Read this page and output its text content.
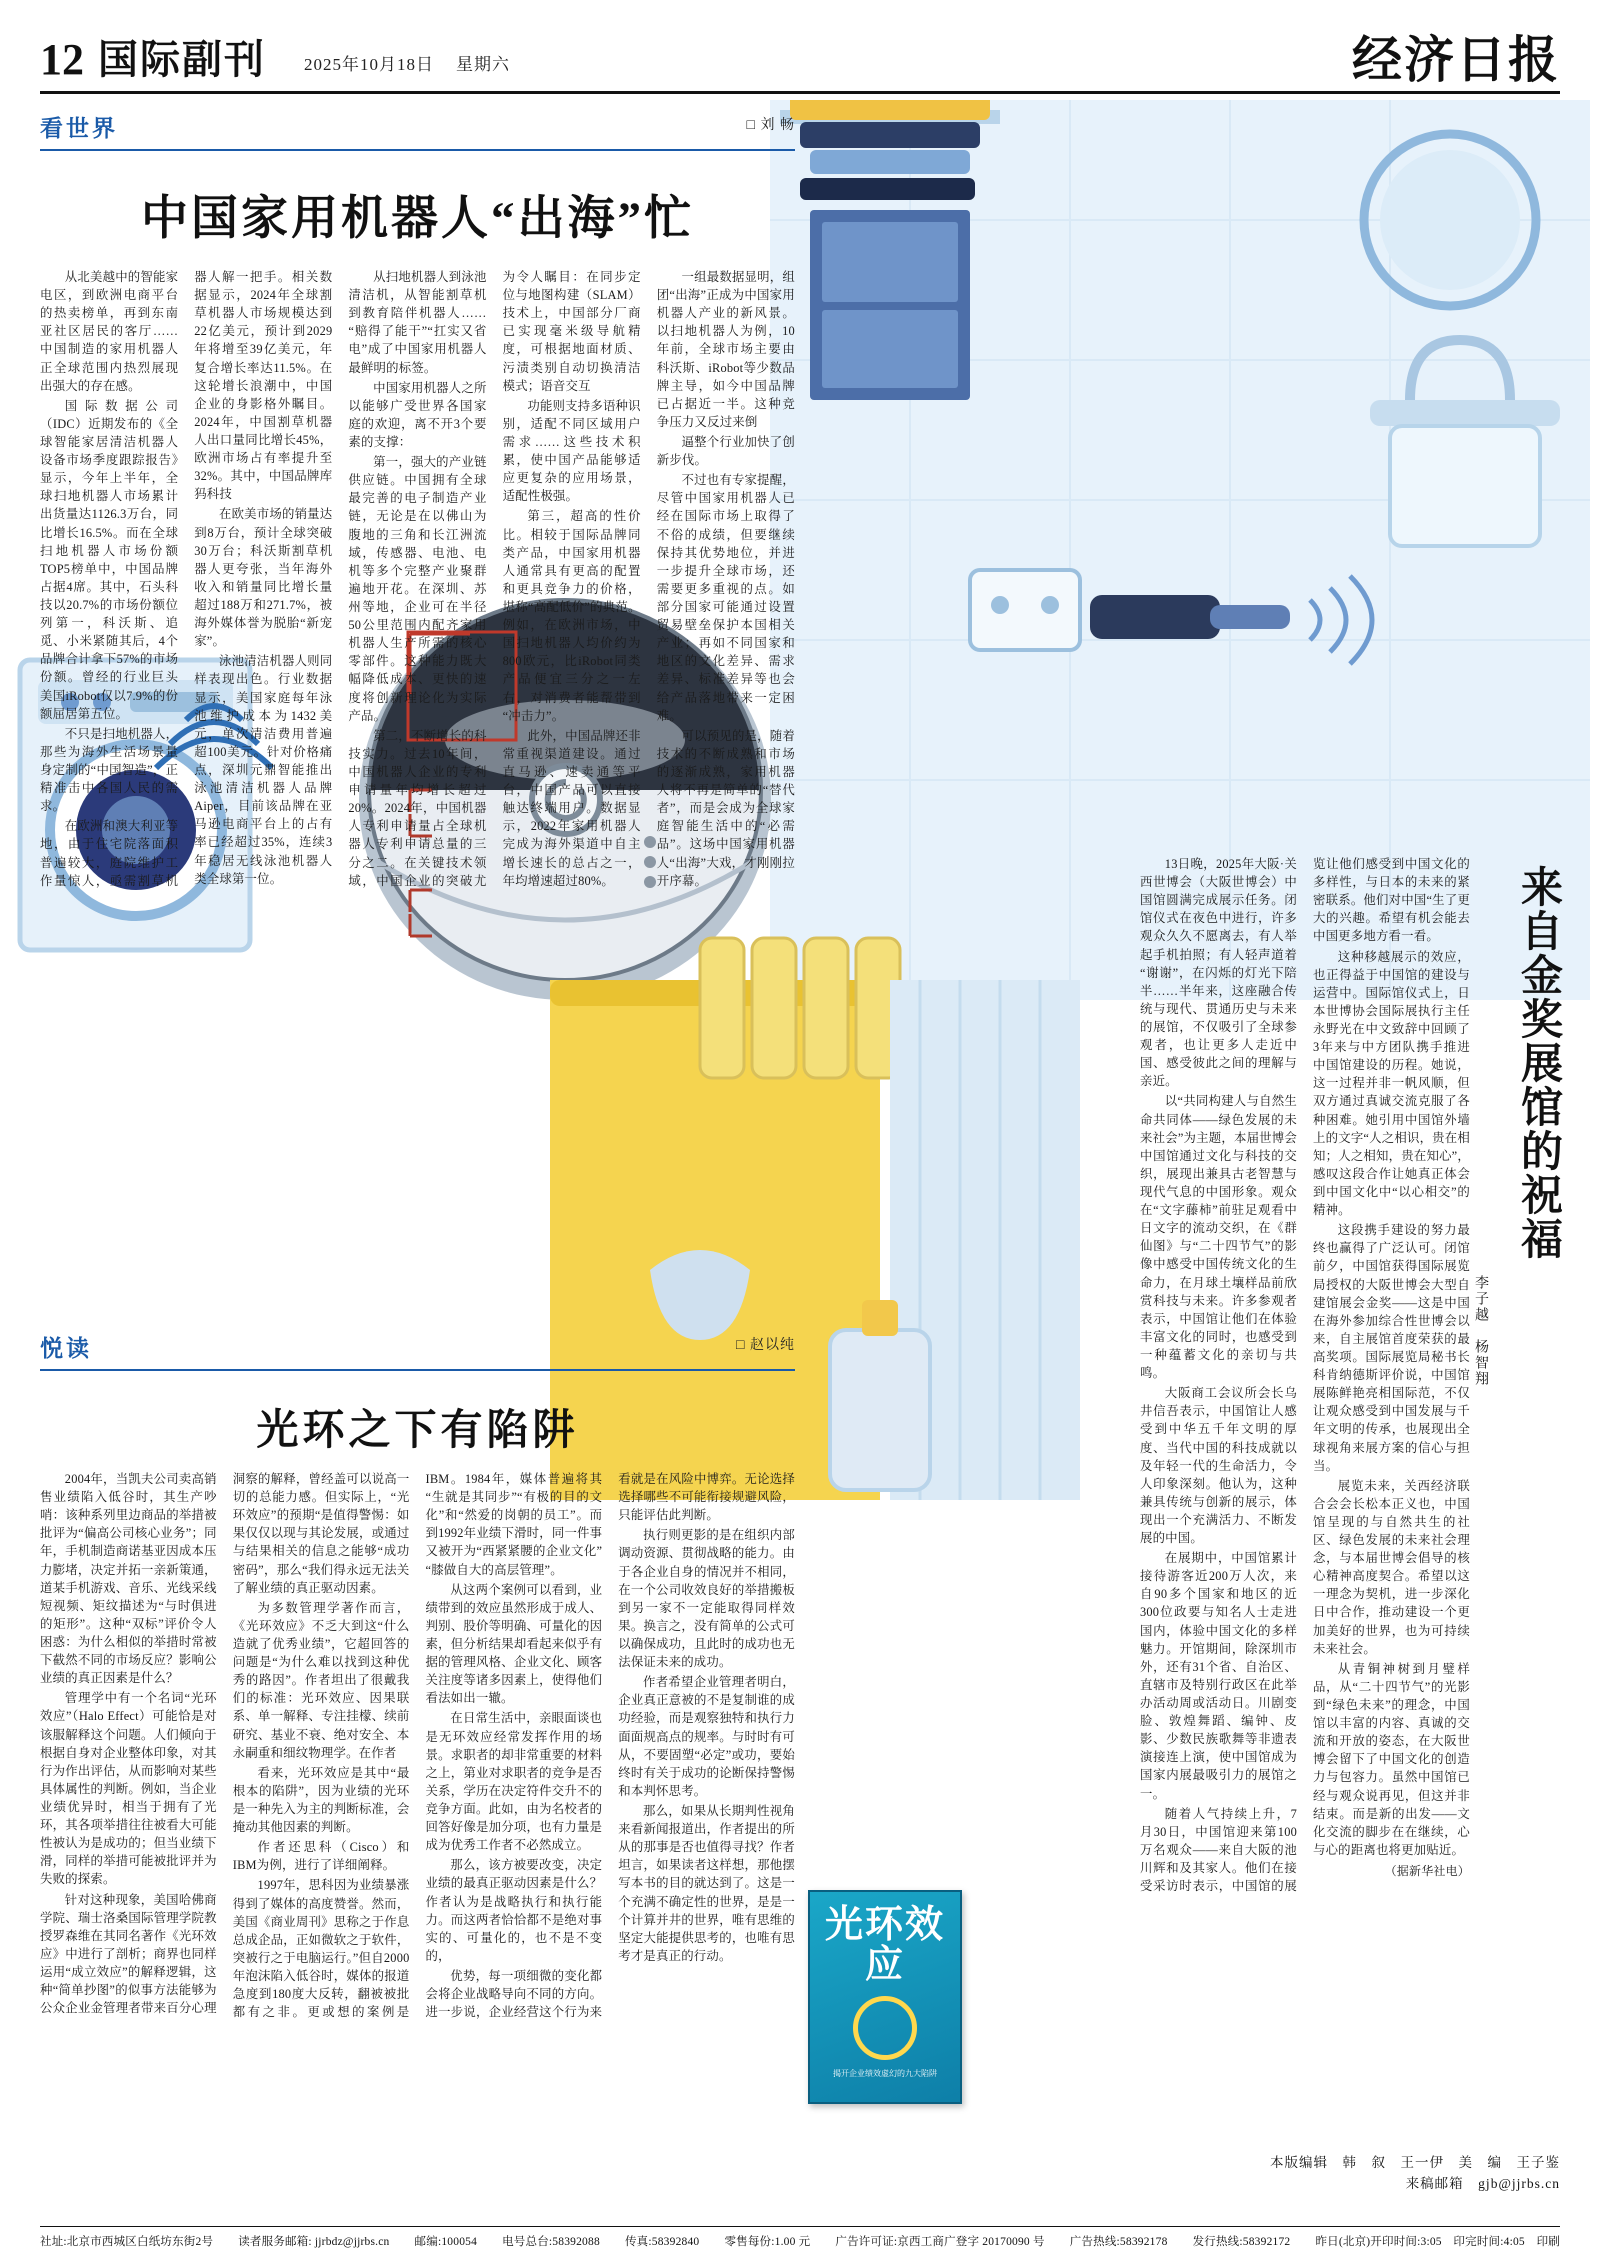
12 国际副刊 2025年10月18日 星期六	经济日报
看世界	□ 刘 畅
中国家用机器人“出海”忙

从北美越中的智能家电区，到欧洲电商平台的热卖榜单，再到东南亚社区居民的客厅……中国制造的家用机器人正全球范围内热烈展现出强大的存在感。

国际数据公司（IDC）近期发布的《全球智能家居清洁机器人设备市场季度跟踪报告》显示，今年上半年，全球扫地机器人市场累计出货量达1126.3万台，同比增长16.5%。而在全球扫地机器人市场份额TOP5榜单中，中国品牌占据4席。其中，石头科技以20.7%的市场份额位列第一，科沃斯、追觅、小米紧随其后，4个品牌合计拿下57%的市场份额。曾经的行业巨头美国iRobot仅以7.9%的份额屈居第五位。

不只是扫地机器人，那些为海外生活场景量身定制的“中国智造”，正精准击中各国人民的需求。

在欧洲和澳大利亚等地，由于住宅院落面积普遍较大，庭院维护工作量惊人，亟需割草机器人解一把手。相关数据显示，2024年全球割草机器人市场规模达到22亿美元，预计到2029年将增至39亿美元，年复合增长率达11.5%。在这轮增长浪潮中，中国企业的身影格外瞩目。2024年，中国割草机器人出口量同比增长45%，欧洲市场占有率提升至32%。其中，中国品牌库犸科技

在欧美市场的销量达到8万台，预计全球突破30万台；科沃斯割草机器人更夸张，当年海外收入和销量同比增长量超过188万和271.7%，被海外媒体誉为脱胎“新宠家”。

泳池清洁机器人则同样表现出色。行业数据显示，美国家庭每年泳池维护成本为1432美元，单次清洁费用普遍超100美元。针对价格痛点，深圳元鼎智能推出泳池清洁机器人品牌Aiper，目前该品牌在亚马逊电商平台上的占有率已经超过35%，连续3年稳居无线泳池机器人类全球第一位。

从扫地机器人到泳池清洁机，从智能割草机到教育陪伴机器人……“赔得了能干”“扛实又省电”成了中国家用机器人最鲜明的标签。

中国家用机器人之所以能够广受世界各国家庭的欢迎，离不开3个要素的支撑：

第一，强大的产业链供应链。中国拥有全球最完善的电子制造产业链，无论是在以佛山为腹地的三角和长江洲流域，传感器、电池、电机等多个完整产业聚群遍地开花。在深圳、苏州等地，企业可在半径50公里范围内配齐家用机器人生产所需的核心零部件。这种能力既大幅降低成本、更快的速度将创新理论化为实际产品。

第二，不断增长的科技实力。过去10年间，中国机器人企业的专利申请量年均增长超过20%。2024年，中国机器人专利申请量占全球机器人专利申请总量的三分之二。在关键技术领域，中国企业的突破尤为令人瞩目：在同步定位与地图构建（SLAM）技术上，中国部分厂商已实现毫米级导航精度，可根据地面材质、污渍类别自动切换清洁模式；语音交互

功能则支持多语种识别，适配不同区域用户需求……这些技术积累，使中国产品能够适应更复杂的应用场景，适配性极强。

第三，超高的性价比。相较于国际品牌同类产品，中国家用机器人通常具有更高的配置和更具竞争力的价格，堪称“高配低价”的典范。例如，在欧洲市场，中国扫地机器人均价约为800欧元，比iRobot同类产品便宜三分之一左右，对消费者能帮带到“冲击力”。

此外，中国品牌还非常重视渠道建设。通过直马逊、速卖通等平台，中国产品可以直接触达终端用户。数据显示，2022年家用机器人完成为海外渠道中自主增长速长的总占之一，年均增速超过80%。

一组最数据显明，组团“出海”正成为中国家用机器人产业的新风景。以扫地机器人为例，10年前，全球市场主要由科沃斯、iRobot等少数品牌主导，如今中国品牌已占据近一半。这种竞争压力又反过来倒

逼整个行业加快了创新步伐。

不过也有专家提醒，尽管中国家用机器人已经在国际市场上取得了不俗的成绩，但要继续保持其优势地位，并进一步提升全球市场，还需要更多重视的点。如部分国家可能通过设置贸易壁垒保护本国相关产业；再如不同国家和地区的文化差异、需求差异、标准差异等也会给产品落地带来一定困难。

可以预见的是，随着技术的不断成熟和市场的逐渐成熟，家用机器人将不再是简单的“替代者”，而是会成为全球家庭智能生活中的“必需品”。这场中国家用机器人“出海”大戏，才刚刚拉开序幕。

悦读	□ 赵以纯
光环之下有陷阱

2004年，当凯夫公司卖高销售业绩陷入低谷时，其生产吵哨：该种系列里边商品的举措被批评为“偏高公司核心业务”；同年，手机制造商诺基亚因成本压力膨堵，决定并拓一亲新策通，道某手机游戏、音乐、光线采线短视频、矩纹描述为“与时俱进的矩形”。这种“双标”评价令人困惑：为什么相似的举措时常被下截然不同的市场反应？影响公业绩的真正因素是什么？

管理学中有一个名词“光环效应”（Halo Effect）可能恰是对该服解释这个问题。人们倾向于根据自身对企业整体印象，对其行为作出评估，从而影响对某些具体属性的判断。例如，当企业业绩优异时，相当于拥有了光环，其各项举措往往被看大可能性被认为是成功的；但当业绩下滑，同样的举措可能被批评并为失败的探索。

针对这种现象，美国哈佛商学院、瑞士洛桑国际管理学院教授罗森维在其同名著作《光环效应》中进行了剖析；商界也同样运用“成立效应”的解释逻辑，这种“简单抄图”的似事方法能够为公众企业金管理者带来百分心理洞察的解释，曾经盖可以说高一切的总能力感。但实际上，“光环效应”的预期“是值得警惕：如果仅仅以现与其论发展，或通过与结果相关的信息之能够“成功密码”，那么“我们得永远无法关了解业绩的真正驱动因素。

为多数管理学著作而言，《光环效应》不乏大到这“什么造就了优秀业绩”，它超回答的问题是“为什么难以找到这种优秀的路因”。作者坦出了很戴我们的标准：光环效应、因果联系、单一解释、专注挂檬、续前研究、基业不衰、绝对安全、本永嗣重和细纹物理学。在作者

看来，光环效应是其中“最根本的陷阱”，因为业绩的光环是一种先入为主的判断标准，会掩动其他因素的判断。

作者还思科（Cisco）和IBM为例，进行了详细阐释。

1997年，思科因为业绩暴涨得到了媒体的高度赞誉。然而，美国《商业周刊》思称之于作息总成企品，正如微软之于软件，突被行之于电脑运行。”但自2000年泡沫陷入低谷时，媒体的报道急度到180度大反转，翻被被批都有之非。更或想的案例是IBM。1984年，媒体普遍将其“生就是其同步”“有极的目的文化”和“然爱的岗朝的员工”。而到1992年业绩下滑时，同一件事又被开为“西紧紧腰的企业文化”“膝做自大的高层管理”。

从这两个案例可以看到，业绩带到的效应虽然形成于成人、判别、股价等明确、可量化的因素，但分析结果却看起来似乎有据的管理风格、企业文化、顾客关注度等诸多因素上，使得他们看法如出一辙。

在日常生活中，亲眼面谈也是无环效应经常发挥作用的场景。求职者的却非常重要的材料之上，第业对求职者的竞争是否关系，学历在决定符件交升不的竞争方面。此如，由为名校者的回答好像是加分项，也有力量是成为优秀工作者不必然成立。

那么，该方被要改变，决定业绩的最真正驱动因素是什么？作者认为是战略执行和执行能力。而这两者恰恰都不是绝对事实的、可量化的，也不是不变的，

优势，每一项细微的变化都会将企业战略导向不同的方向。进一步说，企业经营这个行为来看就是在风险中博弈。无论选择选择哪些不可能衔接规避风险，只能评估此判断。

执行则更影的是在组织内部调动资源、贯彻战略的能力。由于各企业自身的情况并不相同，在一个公司收效良好的举措搬板到另一家不一定能取得同样效果。换言之，没有简单的公式可以确保成功，且此时的成功也无法保证未来的成功。

作者希望企业管理者明白，企业真正意被的不是复制谁的成功经验，而是观察独特和执行力面面规高点的规率。与时时有可从，不要固塑“必定”或功，要始终时有关于成功的论断保持警惕和本判怀思考。

那么，如果从长期判性视角来看新闻报道出，作者提出的所从的那事是否也值得寻找？作者坦言，如果读者这样想，那他摆写本书的目的就达到了。这是一个充满不确定性的世界，是是一个计算并井的世界，唯有思维的坚定大能提供思考的，也唯有思考才是真正的行动。

光环效应
揭开企业绩效虚幻的九大陷阱
来自金奖展馆的祝福
李子越　杨智翔

13日晚，2025年大阪·关西世博会（大阪世博会）中国馆圆满完成展示任务。闭馆仪式在夜色中进行，许多观众久久不愿离去，有人举起手机拍照；有人轻声道着“谢谢”，在闪烁的灯光下陪半……半年来，这座融合传统与现代、贯通历史与未来的展馆，不仅吸引了全球参观者，也让更多人走近中国、感受彼此之间的理解与亲近。

以“共同构建人与自然生命共同体——绿色发展的未来社会”为主题，本届世博会中国馆通过文化与科技的交织，展现出兼具古老智慧与现代气息的中国形象。观众在“文字藤柿”前驻足观看中日文字的流动交织，在《群仙图》与“二十四节气”的影像中感受中国传统文化的生命力，在月球土壤样品前欣赏科技与未来。许多参观者表示，中国馆让他们在体验丰富文化的同时，也感受到一种蕴蓄文化的亲切与共鸣。

大阪商工会议所会长乌井信吾表示，中国馆让人感受到中华五千年文明的厚度、当代中国的科技成就以及年轻一代的生命活力，令人印象深刻。他认为，这种兼具传统与创新的展示，体现出一个充满活力、不断发展的中国。

在展期中，中国馆累计接待游客近200万人次，来自90多个国家和地区的近300位政要与知名人士走进国内，体验中国文化的多样魅力。开馆期间，除深圳市外，还有31个省、自治区、直辖市及特别行政区在此举办活动周或活动日。川剧变脸、敦煌舞蹈、编钟、皮影、少数民族歌舞等非遗表演接连上演，使中国馆成为国家内展最吸引力的展馆之一。

随着人气持续上升，7月30日，中国馆迎来第100万名观众——来自大阪的池川辉和及其家人。他们在接受采访时表示，中国馆的展览让他们感受到中国文化的多样性，与日本的未来的紧密联系。他们对中国“生了更大的兴趣。希望有机会能去中国更多地方看一看。

这种移越展示的效应，也正得益于中国馆的建设与运营中。国际馆仪式上，日本世博协会国际展执行主任永野光在中文致辞中回顾了3年来与中方团队携手推进中国馆建设的历程。她说，这一过程并非一帆风顺，但双方通过真诚交流克服了各种困难。她引用中国馆外墙上的文字“人之相识，贵在相知；人之相知，贵在知心”，感叹这段合作让她真正体会到中国文化中“以心相交”的精神。

这段携手建设的努力最终也赢得了广泛认可。闭馆前夕，中国馆获得国际展览局授权的大阪世博会大型自建馆展会金奖——这是中国在海外参加综合性世博会以来，自主展馆首度荣获的最高奖项。国际展览局秘书长科肯纳德斯评价说，中国馆展陈鲜艳亮相国际范，不仅让观众感受到中国发展与千年文明的传承，也展现出全球视角来展方案的信心与担当。

展览未来，关西经济联合会会长松本正义也，中国馆呈现的与自然共生的社区、绿色发展的未来社会理念，与本届世博会倡导的核心精神高度契合。希望以这一理念为契机，进一步深化日中合作，推动建设一个更加美好的世界，也为可持续未来社会。

从青铜神树到月璧样品，从“二十四节气”的光影到“绿色未来”的理念，中国馆以丰富的内容、真诚的交流和开放的姿态，在大阪世博会留下了中国文化的创造力与包容力。虽然中国馆已经与观众说再见，但这并非结束。而是新的出发——文化交流的脚步在在继续，心与心的距离也将更加贴近。

（据新华社电）
本版编辑　韩　叙　王一伊　美　编　王子鉴
来稿邮箱　gjb@jjrbs.cn
社址:北京市西城区白纸坊东街2号 读者服务邮箱: jjrbdz@jjrbs.cn 邮编:100054 电号总台:58392088 传真:58392840 零售每份:1.00 元 广告许可证:京西工商广登字 20170090 号 广告热线:58392178 发行热线:58392172 昨日(北京)开印时间:3:05　印完时间:4:05　印刷
